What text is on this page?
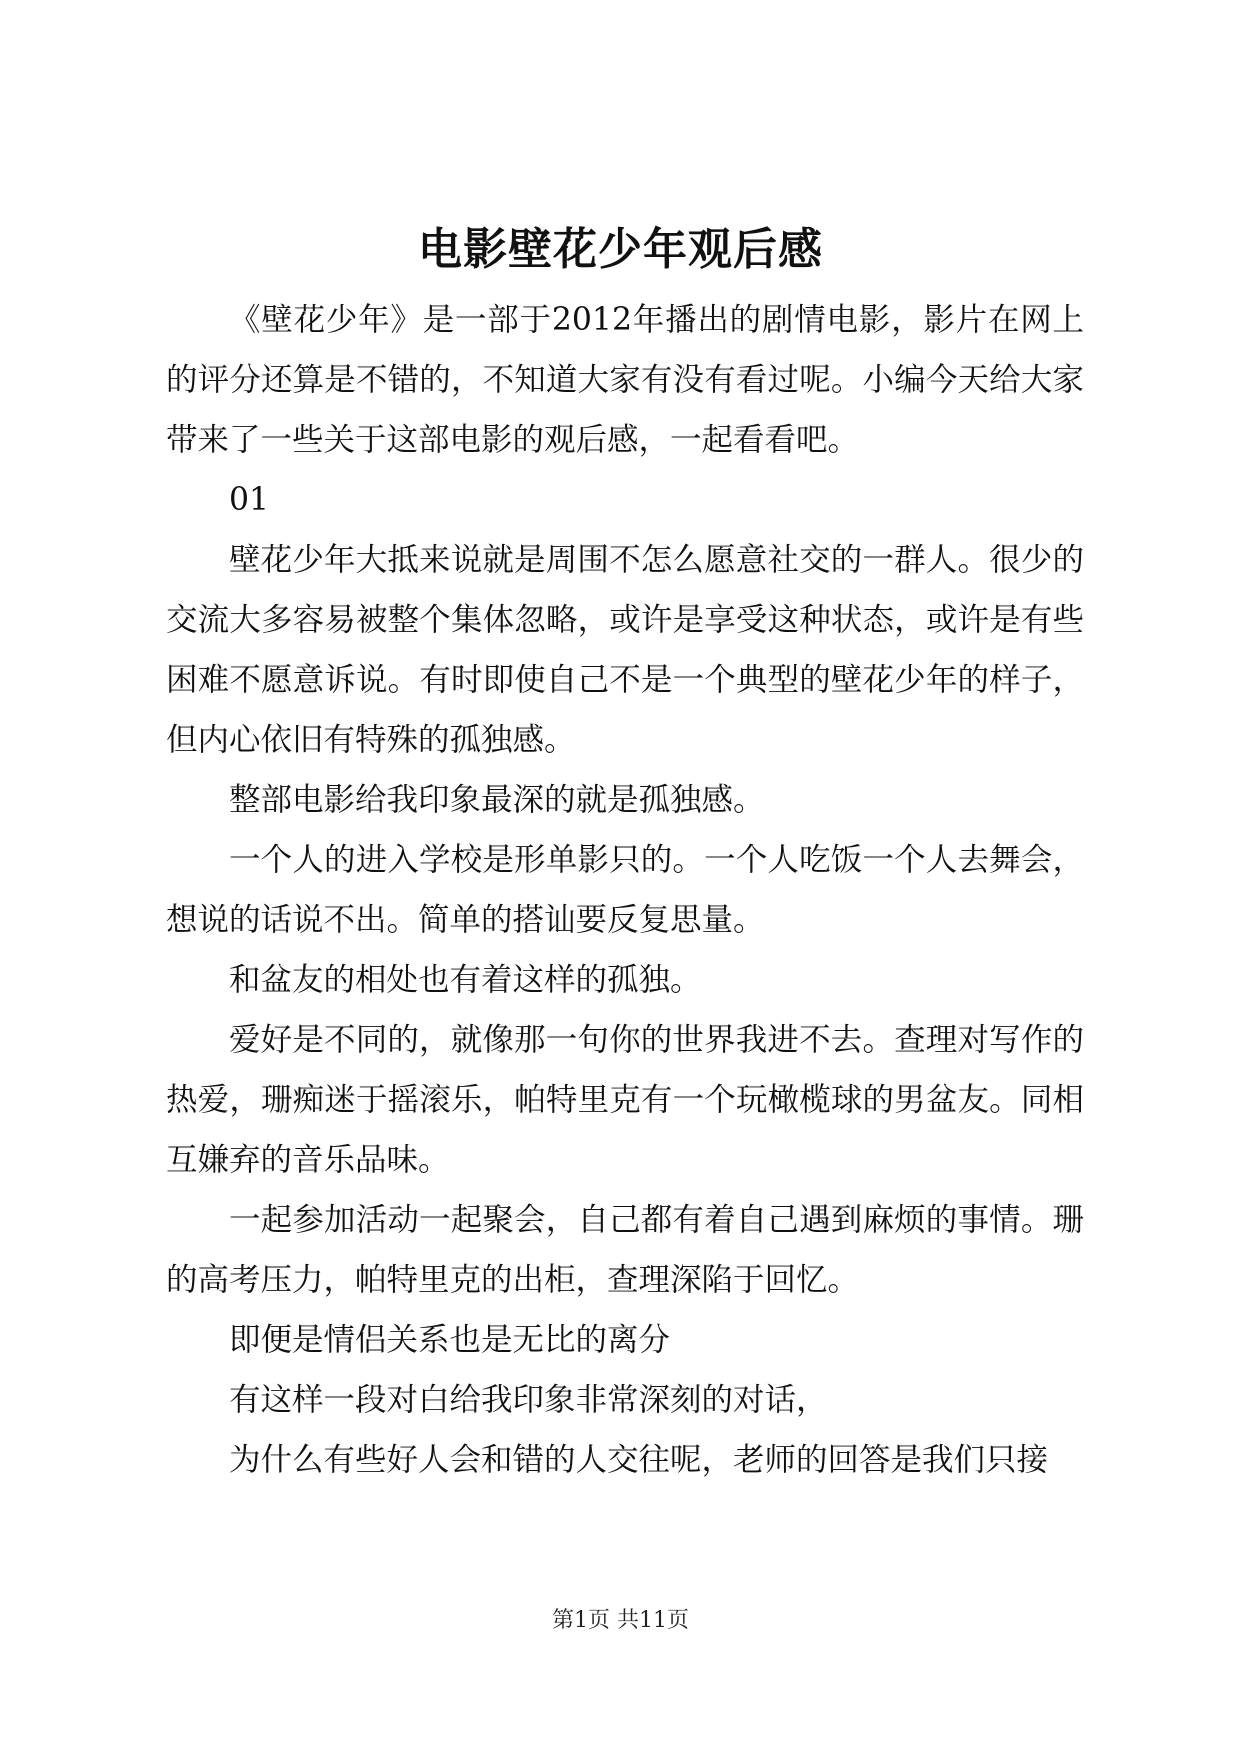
电影壁花少年观后感

《壁花少年》是一部于2012年播出的剧情电影，影片在网上的评分还算是不错的，不知道大家有没有看过呢。小编今天给大家带来了一些关于这部电影的观后感，一起看看吧。

01

壁花少年大抵来说就是周围不怎么愿意社交的一群人。很少的交流大多容易被整个集体忽略，或许是享受这种状态，或许是有些困难不愿意诉说。有时即使自己不是一个典型的壁花少年的样子，但内心依旧有特殊的孤独感。

整部电影给我印象最深的就是孤独感。

一个人的进入学校是形单影只的。一个人吃饭一个人去舞会，想说的话说不出。简单的搭讪要反复思量。

和盆友的相处也有着这样的孤独。

爱好是不同的，就像那一句你的世界我进不去。查理对写作的热爱，珊痴迷于摇滚乐，帕特里克有一个玩橄榄球的男盆友。同相互嫌弃的音乐品味。

一起参加活动一起聚会，自己都有着自己遇到麻烦的事情。珊的高考压力，帕特里克的出柜，查理深陷于回忆。

即便是情侣关系也是无比的离分

有这样一段对白给我印象非常深刻的对话，

为什么有些好人会和错的人交往呢，老师的回答是我们只接

第1页 共11页
